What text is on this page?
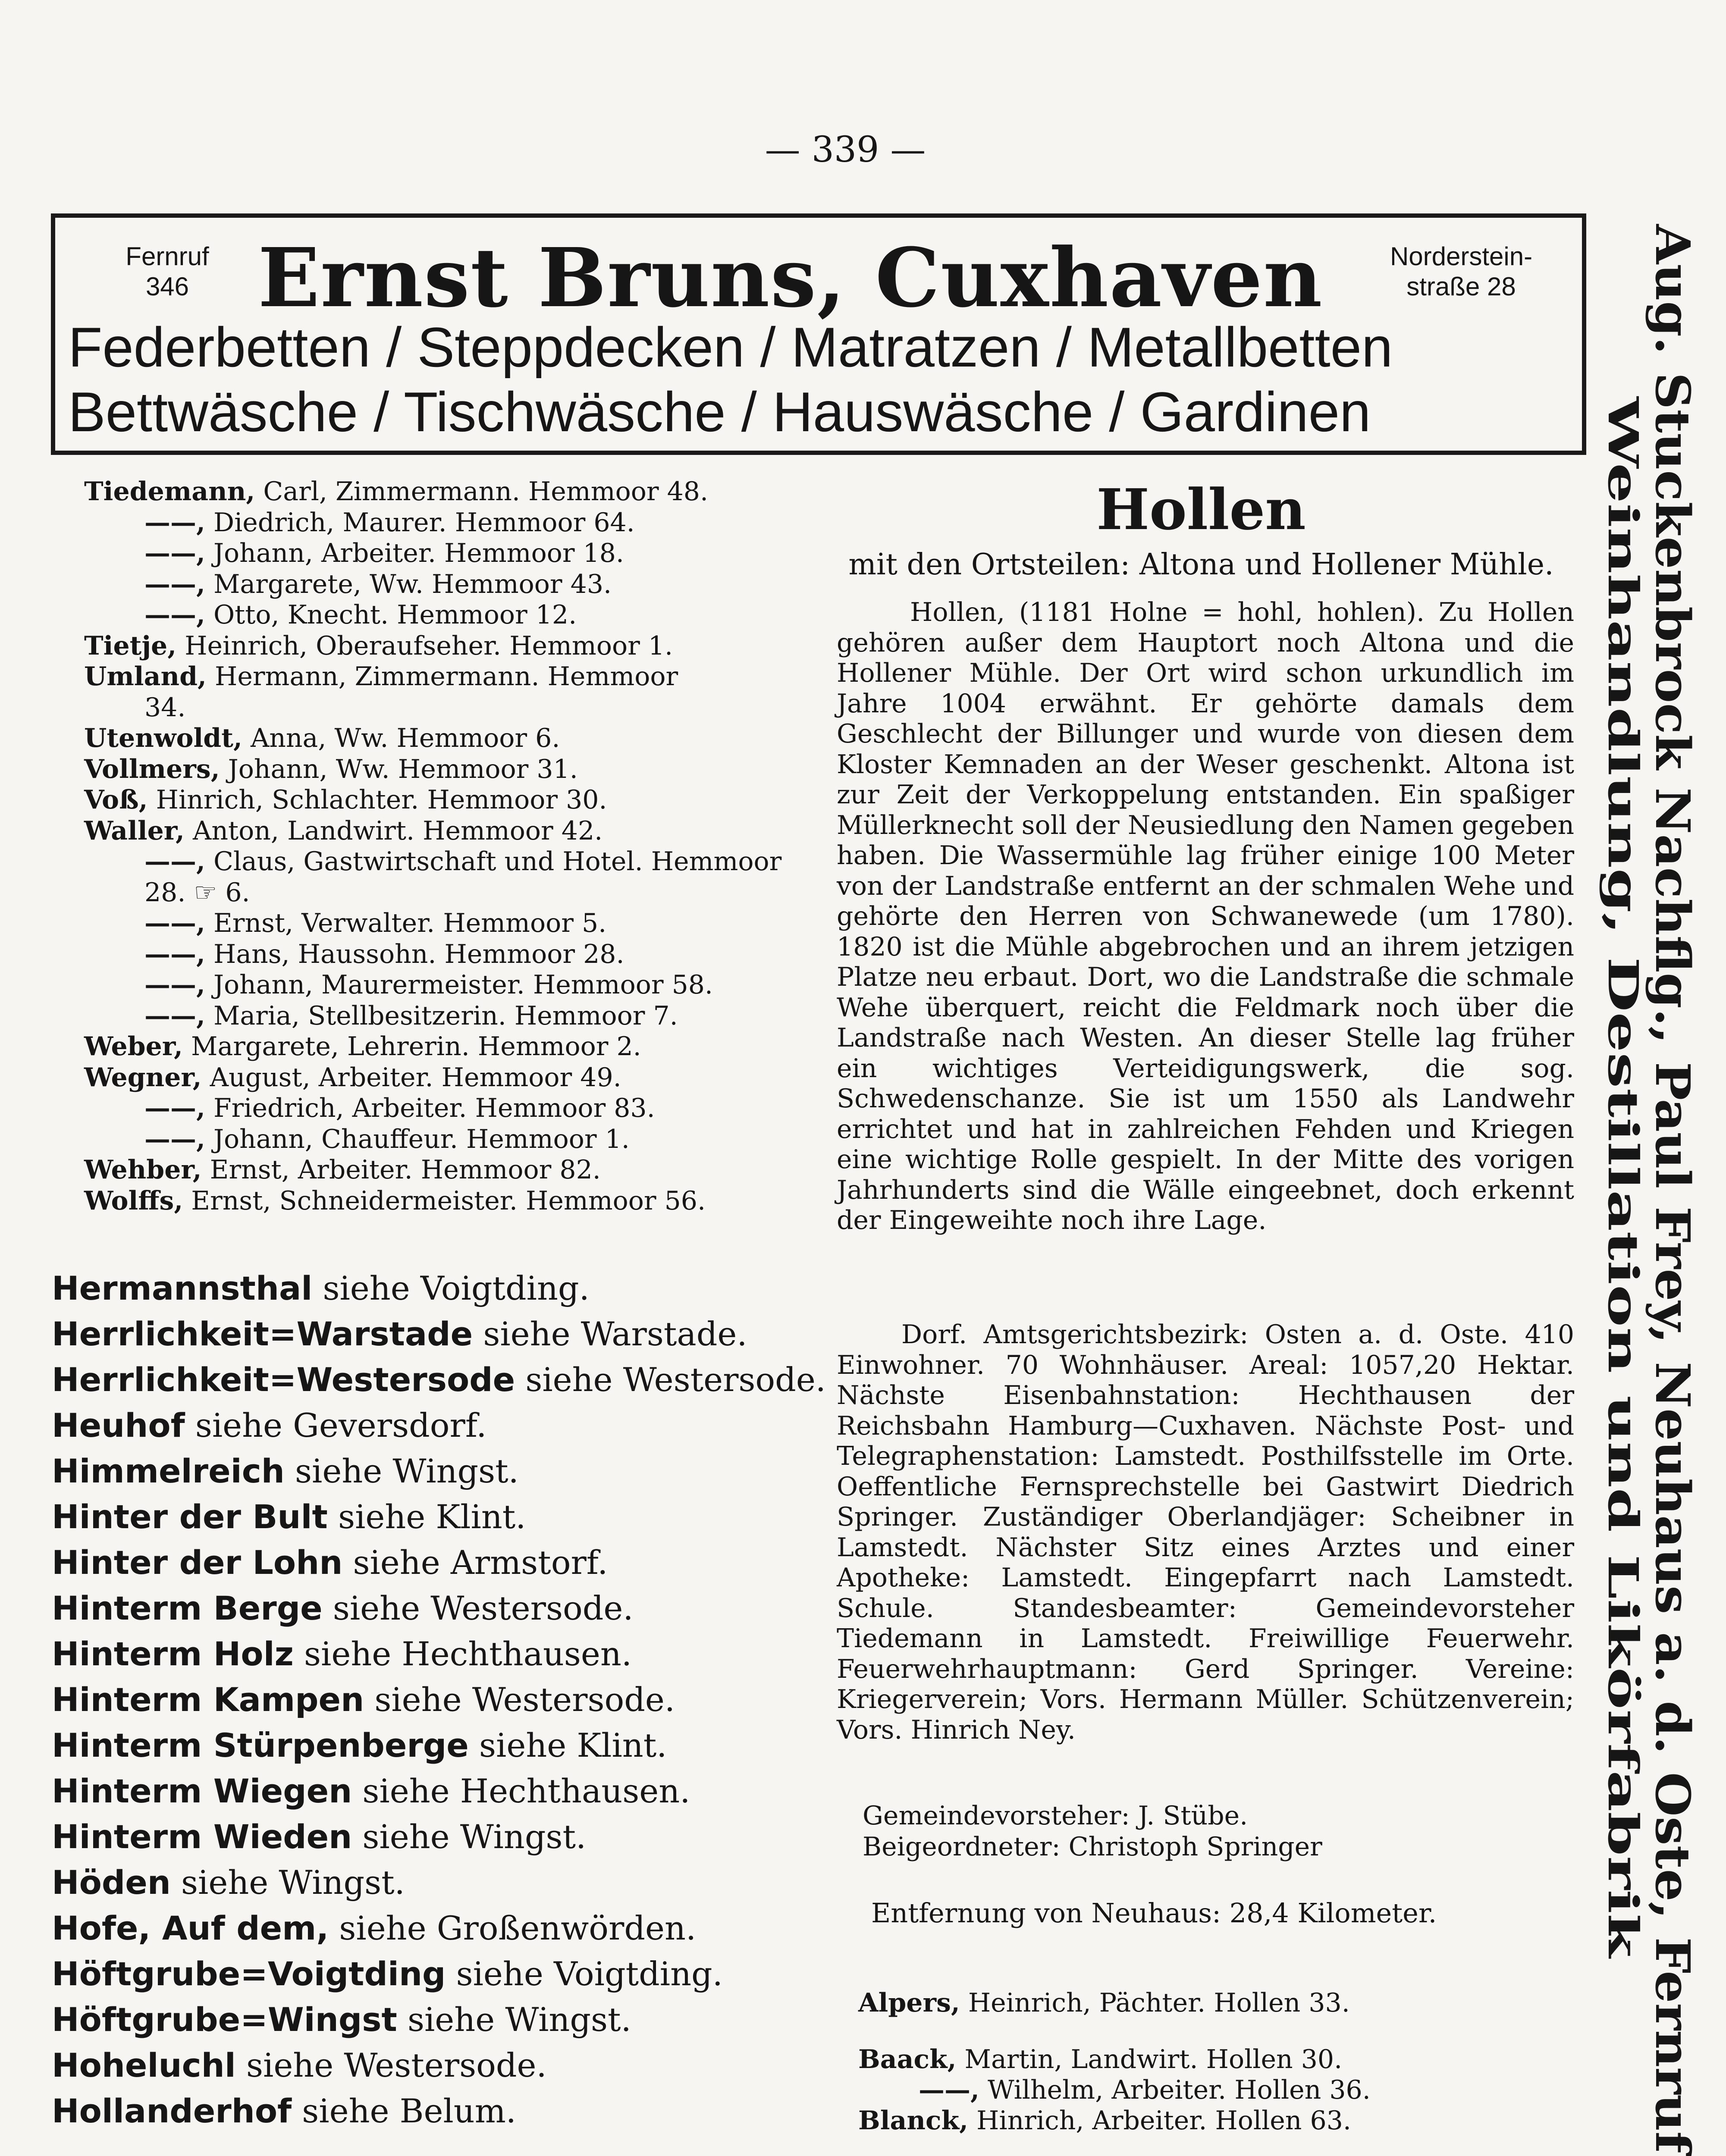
— 339 —
Fernruf
346 Ernst Bruns, Cuxhaven	Norderstein-
straße 28
Federbetten / Steppdecken / Matratzen / Metallbetten
Bettwäsche / Tischwäsche / Hauswäsche / Gardinen
Tiedemann, Carl, Zimmermann. Hemmoor 48.
——, Diedrich, Maurer. Hemmoor 64.
——, Johann, Arbeiter. Hemmoor 18.
——, Margarete, Ww. Hemmoor 43.
——, Otto, Knecht. Hemmoor 12.
Tietje, Heinrich, Oberaufseher. Hemmoor 1.
Umland, Hermann, Zimmermann. Hemmoor
34.
Utenwoldt, Anna, Ww. Hemmoor 6.
Vollmers, Johann, Ww. Hemmoor 31.
Voß, Hinrich, Schlachter. Hemmoor 30.
Waller, Anton, Landwirt. Hemmoor 42.
——, Claus, Gastwirtschaft und Hotel. Hemmoor
28. ☞ 6.
——, Ernst, Verwalter. Hemmoor 5.
——, Hans, Haussohn. Hemmoor 28.
——, Johann, Maurermeister. Hemmoor 58.
——, Maria, Stellbesitzerin. Hemmoor 7.
Weber, Margarete, Lehrerin. Hemmoor 2.
Wegner, August, Arbeiter. Hemmoor 49.
——, Friedrich, Arbeiter. Hemmoor 83.
——, Johann, Chauffeur. Hemmoor 1.
Wehber, Ernst, Arbeiter. Hemmoor 82.
Wolffs, Ernst, Schneidermeister. Hemmoor 56.
Hermannsthal siehe Voigtding.
Herrlichkeit=Warstade siehe Warstade.
Herrlichkeit=Westersode siehe Westersode.
Heuhof siehe Geversdorf.
Himmelreich siehe Wingst.
Hinter der Bult siehe Klint.
Hinter der Lohn siehe Armstorf.
Hinterm Berge siehe Westersode.
Hinterm Holz siehe Hechthausen.
Hinterm Kampen siehe Westersode.
Hinterm Stürpenberge siehe Klint.
Hinterm Wiegen siehe Hechthausen.
Hinterm Wieden siehe Wingst.
Höden siehe Wingst.
Hofe, Auf dem, siehe Großenwörden.
Höftgrube=Voigtding siehe Voigtding.
Höftgrube=Wingst siehe Wingst.
Hoheluchl siehe Westersode.
Hollanderhof siehe Belum.
Hollen
mit den Ortsteilen: Altona und Hollener Mühle.
Hollen, (1181 Holne = hohl, hohlen). Zu Hollen gehören außer dem Hauptort noch Altona und die Hollener Mühle. Der Ort wird schon urkundlich im Jahre 1004 erwähnt. Er gehörte damals dem Geschlecht der Billunger und wurde von diesen dem Kloster Kemnaden an der Weser geschenkt. Altona ist zur Zeit der Verkoppelung entstanden. Ein spaßiger Müllerknecht soll der Neusiedlung den Namen gegeben haben. Die Wassermühle lag früher einige 100 Meter von der Landstraße entfernt an der schmalen Wehe und gehörte den Herren von Schwanewede (um 1780). 1820 ist die Mühle abgebrochen und an ihrem jetzigen Platze neu erbaut. Dort, wo die Landstraße die schmale Wehe überquert, reicht die Feldmark noch über die Landstraße nach Westen. An dieser Stelle lag früher ein wichtiges Verteidigungswerk, die sog. Schwedenschanze. Sie ist um 1550 als Landwehr errichtet und hat in zahlreichen Fehden und Kriegen eine wichtige Rolle gespielt. In der Mitte des vorigen Jahrhunderts sind die Wälle eingeebnet, doch erkennt der Eingeweihte noch ihre Lage.
Dorf. Amtsgerichtsbezirk: Osten a. d. Oste. 410 Einwohner. 70 Wohnhäuser. Areal: 1057,20 Hektar. Nächste Eisenbahnstation: Hechthausen der Reichsbahn Hamburg—Cuxhaven. Nächste Post- und Telegraphenstation: Lamstedt. Posthilfsstelle im Orte. Oeffentliche Fernsprechstelle bei Gastwirt Diedrich Springer. Zuständiger Oberlandjäger: Scheibner in Lamstedt. Nächster Sitz eines Arztes und einer Apotheke: Lamstedt. Eingepfarrt nach Lamstedt. Schule. Standesbeamter: Gemeindevorsteher Tiedemann in Lamstedt. Freiwillige Feuerwehr. Feuerwehrhauptmann: Gerd Springer. Vereine: Kriegerverein; Vors. Hermann Müller. Schützenverein; Vors. Hinrich Ney.
Gemeindevorsteher: J. Stübe.
Beigeordneter: Christoph Springer
Entfernung von Neuhaus: 28,4 Kilometer.
Alpers, Heinrich, Pächter. Hollen 33.
Baack, Martin, Landwirt. Hollen 30.
——, Wilhelm, Arbeiter. Hollen 36.
Blanck, Hinrich, Arbeiter. Hollen 63.
Aug. Stuckenbrock Nachflg., Paul Frey, Neuhaus a. d. Oste, Fernruf 37
Weinhandlung, Destillation und Likörfabrik
